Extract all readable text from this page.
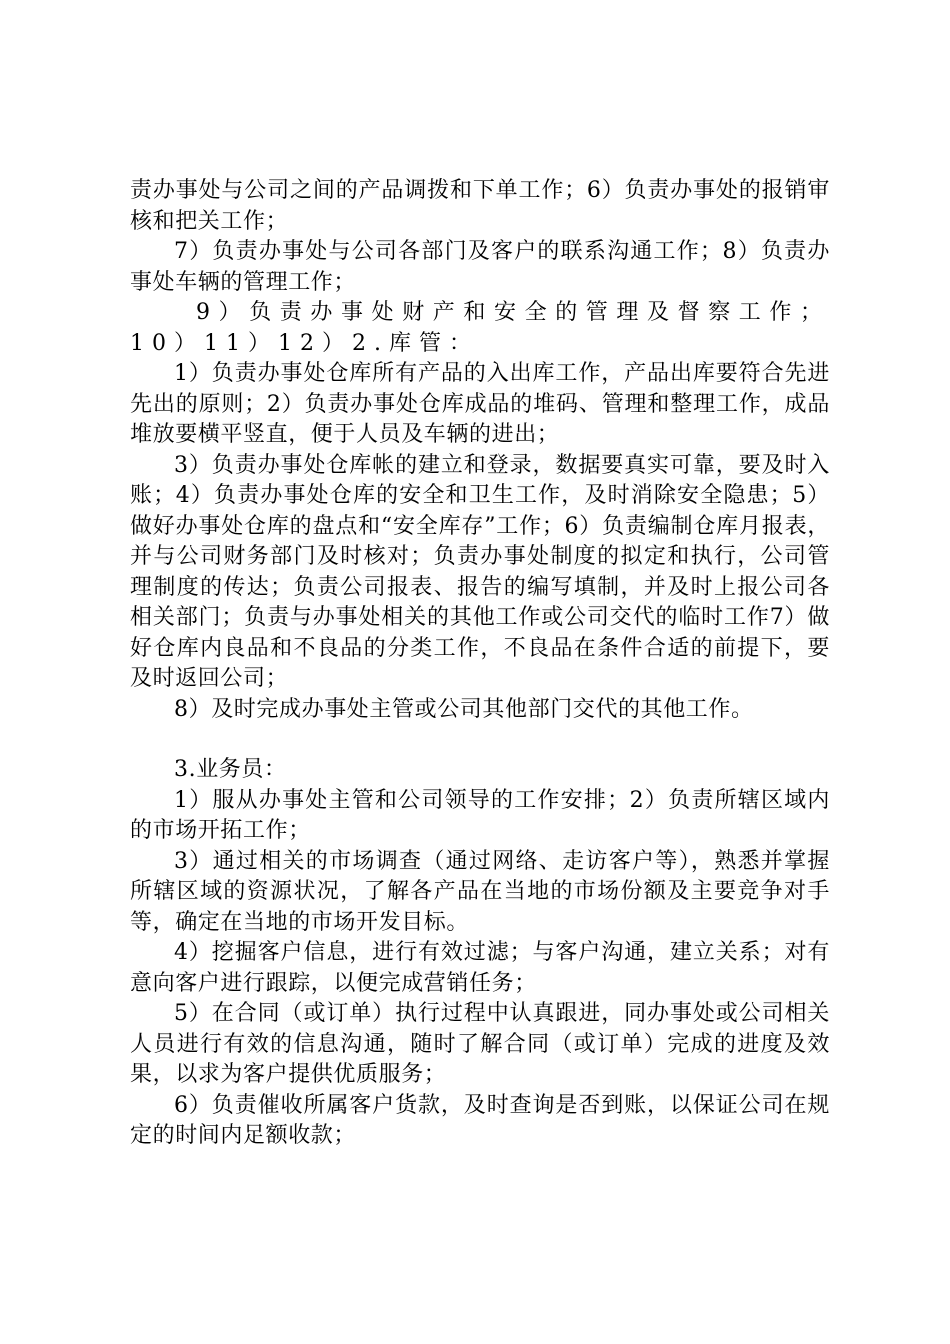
责办事处与公司之间的产品调拨和下单工作；6）负责办事处的报销审核和把关工作；

7）负责办事处与公司各部门及客户的联系沟通工作；8）负责办事处车辆的管理工作；

9）负责办事处财产和安全的管理及督察工作；10）11）12）2.库管：

1）负责办事处仓库所有产品的入出库工作，产品出库要符合先进先出的原则；2）负责办事处仓库成品的堆码、管理和整理工作，成品堆放要横平竖直，便于人员及车辆的进出；

3）负责办事处仓库帐的建立和登录，数据要真实可靠，要及时入账；4）负责办事处仓库的安全和卫生工作，及时消除安全隐患；5）做好办事处仓库的盘点和“安全库存”工作；6）负责编制仓库月报表，并与公司财务部门及时核对；负责办事处制度的拟定和执行，公司管理制度的传达；负责公司报表、报告的编写填制，并及时上报公司各相关部门；负责与办事处相关的其他工作或公司交代的临时工作7）做好仓库内良品和不良品的分类工作，不良品在条件合适的前提下，要及时返回公司；

8）及时完成办事处主管或公司其他部门交代的其他工作。

3.业务员：

1）服从办事处主管和公司领导的工作安排；2）负责所辖区域内的市场开拓工作；

3）通过相关的市场调查（通过网络、走访客户等），熟悉并掌握所辖区域的资源状况，了解各产品在当地的市场份额及主要竞争对手等，确定在当地的市场开发目标。

4）挖掘客户信息，进行有效过滤；与客户沟通，建立关系；对有意向客户进行跟踪，以便完成营销任务；

5）在合同（或订单）执行过程中认真跟进，同办事处或公司相关人员进行有效的信息沟通，随时了解合同（或订单）完成的进度及效果，以求为客户提供优质服务；

6）负责催收所属客户货款，及时查询是否到账，以保证公司在规定的时间内足额收款；
